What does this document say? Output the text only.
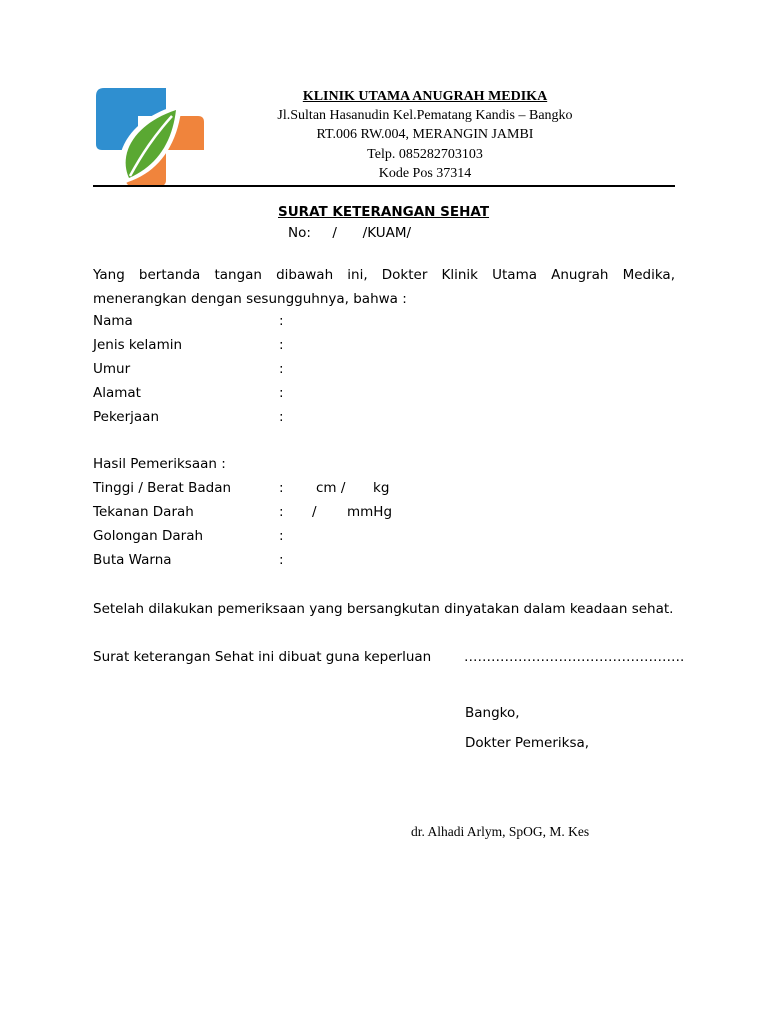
KLINIK UTAMA ANUGRAH MEDIKA
Jl.Sultan Hasanudin Kel.Pematang Kandis – Bangko
RT.006 RW.004, MERANGIN JAMBI
Telp. 085282703103
Kode Pos 37314
SURAT KETERANGAN SEHAT
No:     /      /KUAM/
Yang bertanda tangan dibawah ini, Dokter Klinik Utama Anugrah Medika, menerangkan dengan sesungguhnya, bahwa :
Nama	:
Jenis kelamin	:
Umur	:
Alamat	:
Pekerjaan	:
Hasil Pemeriksaan :
Tinggi / Berat Badan	: cm / kg
Tekanan Darah	: / mmHg
Golongan Darah	:
Buta Warna	:
Setelah dilakukan pemeriksaan yang bersangkutan dinyatakan dalam keadaan sehat.
Surat keterangan Sehat ini dibuat guna keperluan ………………………………………….
Bangko,
Dokter Pemeriksa,
dr. Alhadi Arlym, SpOG, M. Kes
